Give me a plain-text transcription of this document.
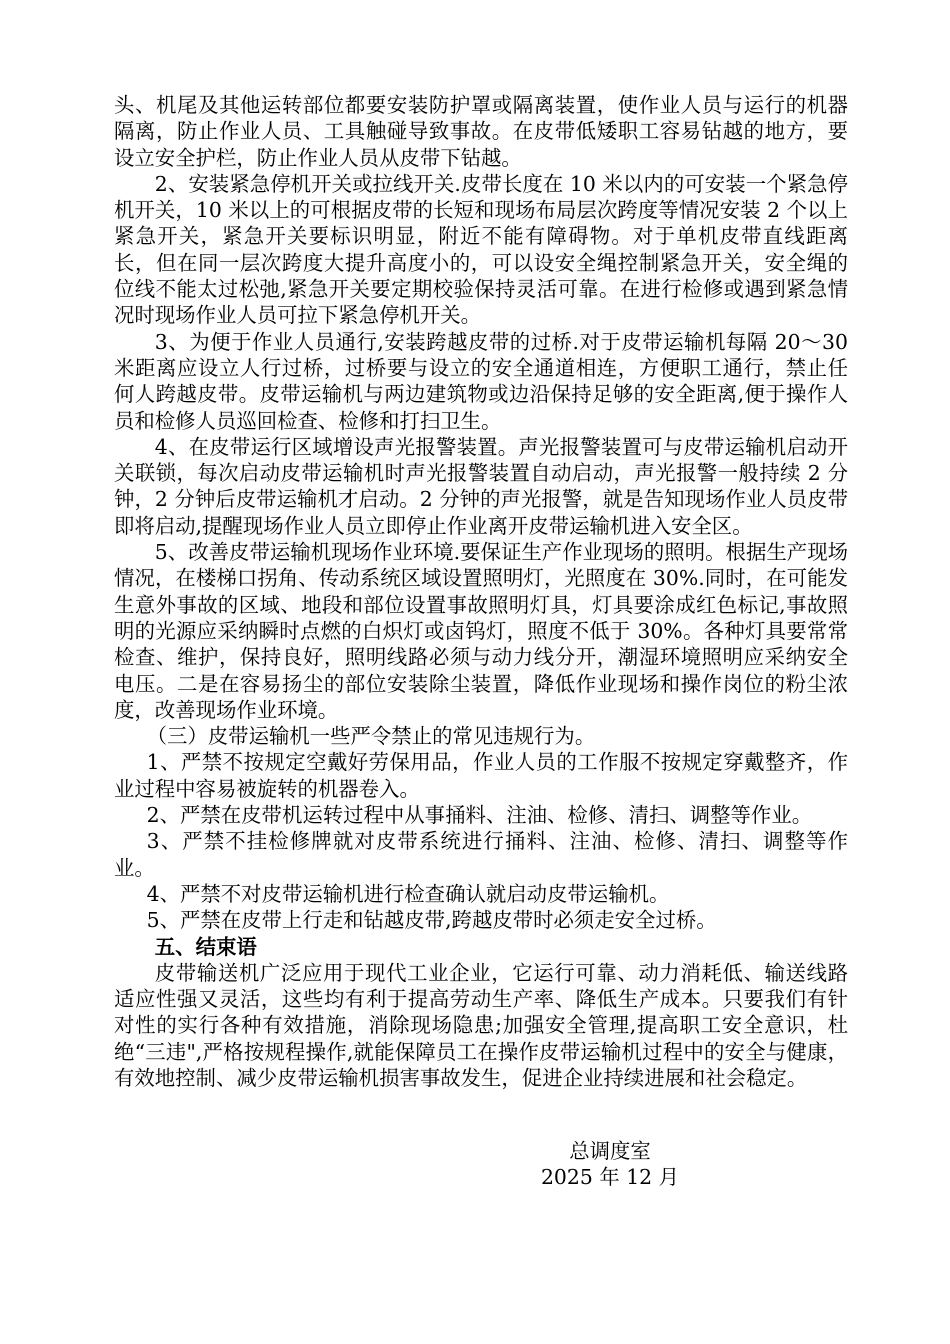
头、机尾及其他运转部位都要安装防护罩或隔离装置，使作业人员与运行的机器隔离，防止作业人员、工具触碰导致事故。在皮带低矮职工容易钻越的地方，要设立安全护栏，防止作业人员从皮带下钻越。

2、安装紧急停机开关或拉线开关.皮带长度在 10 米以内的可安装一个紧急停机开关，10 米以上的可根据皮带的长短和现场布局层次跨度等情况安装 2 个以上紧急开关，紧急开关要标识明显，附近不能有障碍物。对于单机皮带直线距离长，但在同一层次跨度大提升高度小的，可以设安全绳控制紧急开关，安全绳的位线不能太过松弛,紧急开关要定期校验保持灵活可靠。在进行检修或遇到紧急情况时现场作业人员可拉下紧急停机开关。

3、为便于作业人员通行,安装跨越皮带的过桥.对于皮带运输机每隔 20～30 米距离应设立人行过桥，过桥要与设立的安全通道相连，方便职工通行，禁止任何人跨越皮带。皮带运输机与两边建筑物或边沿保持足够的安全距离,便于操作人员和检修人员巡回检查、检修和打扫卫生。

4、在皮带运行区域增设声光报警装置。声光报警装置可与皮带运输机启动开关联锁，每次启动皮带运输机时声光报警装置自动启动，声光报警一般持续 2 分钟，2 分钟后皮带运输机才启动。2 分钟的声光报警，就是告知现场作业人员皮带即将启动,提醒现场作业人员立即停止作业离开皮带运输机进入安全区。

5、改善皮带运输机现场作业环境.要保证生产作业现场的照明。根据生产现场情况，在楼梯口拐角、传动系统区域设置照明灯，光照度在 30%.同时，在可能发生意外事故的区域、地段和部位设置事故照明灯具，灯具要涂成红色标记,事故照明的光源应采纳瞬时点燃的白炽灯或卤钨灯，照度不低于 30%。各种灯具要常常检查、维护，保持良好，照明线路必须与动力线分开，潮湿环境照明应采纳安全电压。二是在容易扬尘的部位安装除尘装置，降低作业现场和操作岗位的粉尘浓度，改善现场作业环境。

（三）皮带运输机一些严令禁止的常见违规行为。

1、严禁不按规定空戴好劳保用品，作业人员的工作服不按规定穿戴整齐，作业过程中容易被旋转的机器卷入。

2、严禁在皮带机运转过程中从事捅料、注油、检修、清扫、调整等作业。

3、严禁不挂检修牌就对皮带系统进行捅料、注油、检修、清扫、调整等作业。

4、严禁不对皮带运输机进行检查确认就启动皮带运输机。

5、严禁在皮带上行走和钻越皮带,跨越皮带时必须走安全过桥。

五、结束语

皮带输送机广泛应用于现代工业企业，它运行可靠、动力消耗低、输送线路适应性强又灵活，这些均有利于提高劳动生产率、降低生产成本。只要我们有针对性的实行各种有效措施，消除现场隐患;加强安全管理,提高职工安全意识，杜绝“三违",严格按规程操作,就能保障员工在操作皮带运输机过程中的安全与健康，有效地控制、减少皮带运输机损害事故发生，促进企业持续进展和社会稳定。

总调度室
2025 年 12 月
